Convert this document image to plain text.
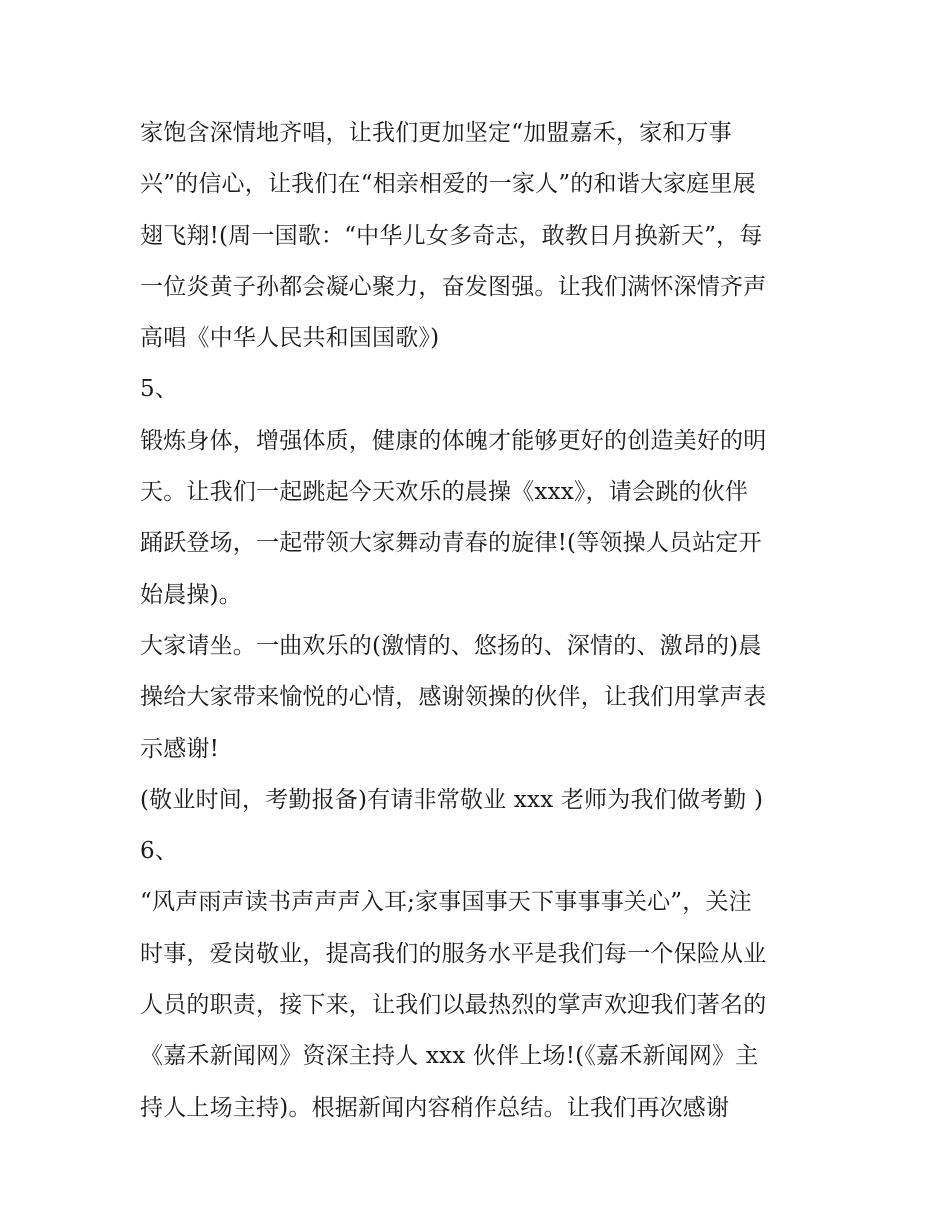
家饱含深情地齐唱，让我们更加坚定“加盟嘉禾，家和万事
兴”的信心，让我们在“相亲相爱的一家人”的和谐大家庭里展
翅飞翔!(周一国歌：“中华儿女多奇志，敢教日月换新天”，每
一位炎黄子孙都会凝心聚力，奋发图强。让我们满怀深情齐声
高唱《中华人民共和国国歌》)
5、
锻炼身体，增强体质，健康的体魄才能够更好的创造美好的明
天。让我们一起跳起今天欢乐的晨操《xxx》，请会跳的伙伴
踊跃登场，一起带领大家舞动青春的旋律!(等领操人员站定开
始晨操)。
大家请坐。一曲欢乐的(激情的、悠扬的、深情的、激昂的)晨
操给大家带来愉悦的心情，感谢领操的伙伴，让我们用掌声表
示感谢!
(敬业时间，考勤报备)有请非常敬业 xxx 老师为我们做考勤 )
6、
“风声雨声读书声声声入耳;家事国事天下事事事关心”，关注
时事，爱岗敬业，提高我们的服务水平是我们每一个保险从业
人员的职责，接下来，让我们以最热烈的掌声欢迎我们著名的
《嘉禾新闻网》资深主持人 xxx 伙伴上场!(《嘉禾新闻网》主
持人上场主持)。根据新闻内容稍作总结。让我们再次感谢
